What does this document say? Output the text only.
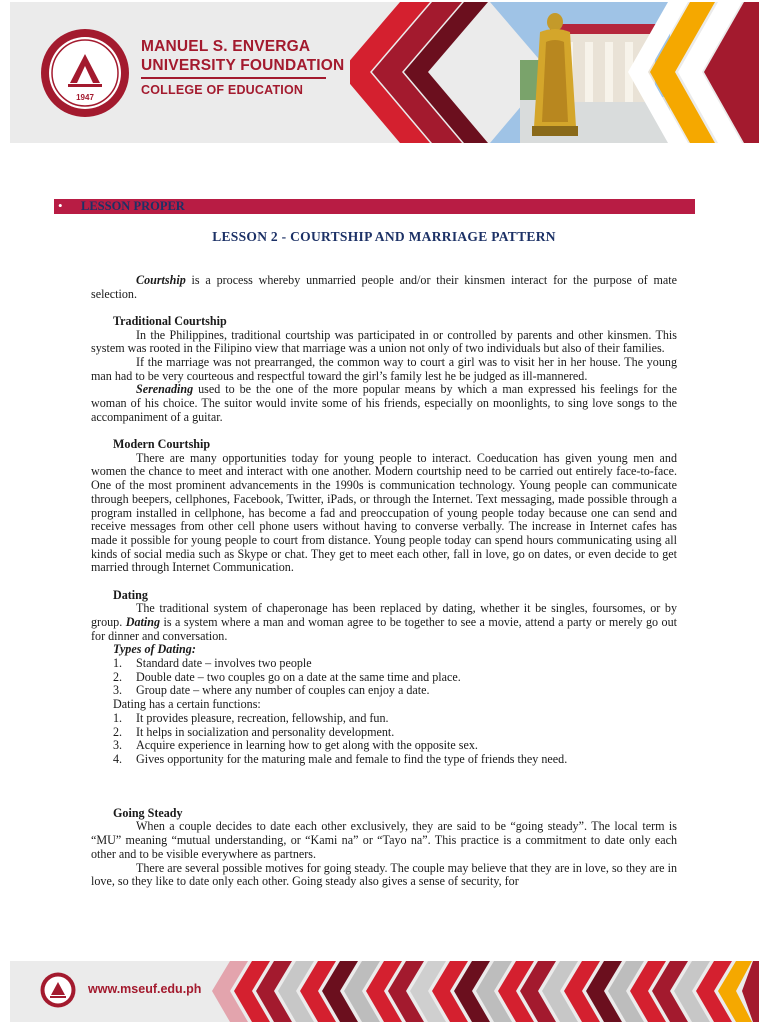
1947
MANUEL S. ENVERGA
UNIVERSITY FOUNDATION
COLLEGE OF EDUCATION
• LESSON PROPER
LESSON 2 - COURTSHIP AND MARRIAGE PATTERN

Courtship is a process whereby unmarried people and/or their kinsmen interact for the purpose of mate selection.

Traditional Courtship

In the Philippines, traditional courtship was participated in or controlled by parents and other kinsmen. This system was rooted in the Filipino view that marriage was a union not only of two individuals but also of their families.

If the marriage was not prearranged, the common way to court a girl was to visit her in her house. The young man had to be very courteous and respectful toward the girl’s family lest he be judged as ill-mannered.

Serenading used to be the one of the more popular means by which a man expressed his feelings for the woman of his choice. The suitor would invite some of his friends, especially on moonlights, to sing love songs to the accompaniment of a guitar.

Modern Courtship

There are many opportunities today for young people to interact. Coeducation has given young men and women the chance to meet and interact with one another. Modern courtship need to be carried out entirely face-to-face. One of the most prominent advancements in the 1990s is communication technology. Young people can communicate through beepers, cellphones, Facebook, Twitter, iPads, or through the Internet. Text messaging, made possible through a program installed in cellphone, has become a fad and preoccupation of young people today because one can send and receive messages from other cell phone users without having to converse verbally. The increase in Internet cafes has made it possible for young people to court from distance. Young people today can spend hours communicating using all kinds of social media such as Skype or chat. They get to meet each other, fall in love, go on dates, or even decide to get married through Internet Communication.

Dating

The traditional system of chaperonage has been replaced by dating, whether it be singles, foursomes, or by group. Dating is a system where a man and woman agree to be together to see a movie, attend a party or merely go out for dinner and conversation.

Types of Dating:

1. Standard date – involves two people
2. Double date – two couples go on a date at the same time and place.
3. Group date – where any number of couples can enjoy a date.

Dating has a certain functions:

1. It provides pleasure, recreation, fellowship, and fun.
2. It helps in socialization and personality development.
3. Acquire experience in learning how to get along with the opposite sex.
4. Gives opportunity for the maturing male and female to find the type of friends they need.

Going Steady

When a couple decides to date each other exclusively, they are said to be “going steady”. The local term is “MU” meaning “mutual understanding, or “Kami na” or “Tayo na”. This practice is a commitment to date only each other and to be visible everywhere as partners.

There are several possible motives for going steady. The couple may believe that they are in love, so they are in love, so they like to date only each other. Going steady also gives a sense of security, for

www.mseuf.edu.ph
